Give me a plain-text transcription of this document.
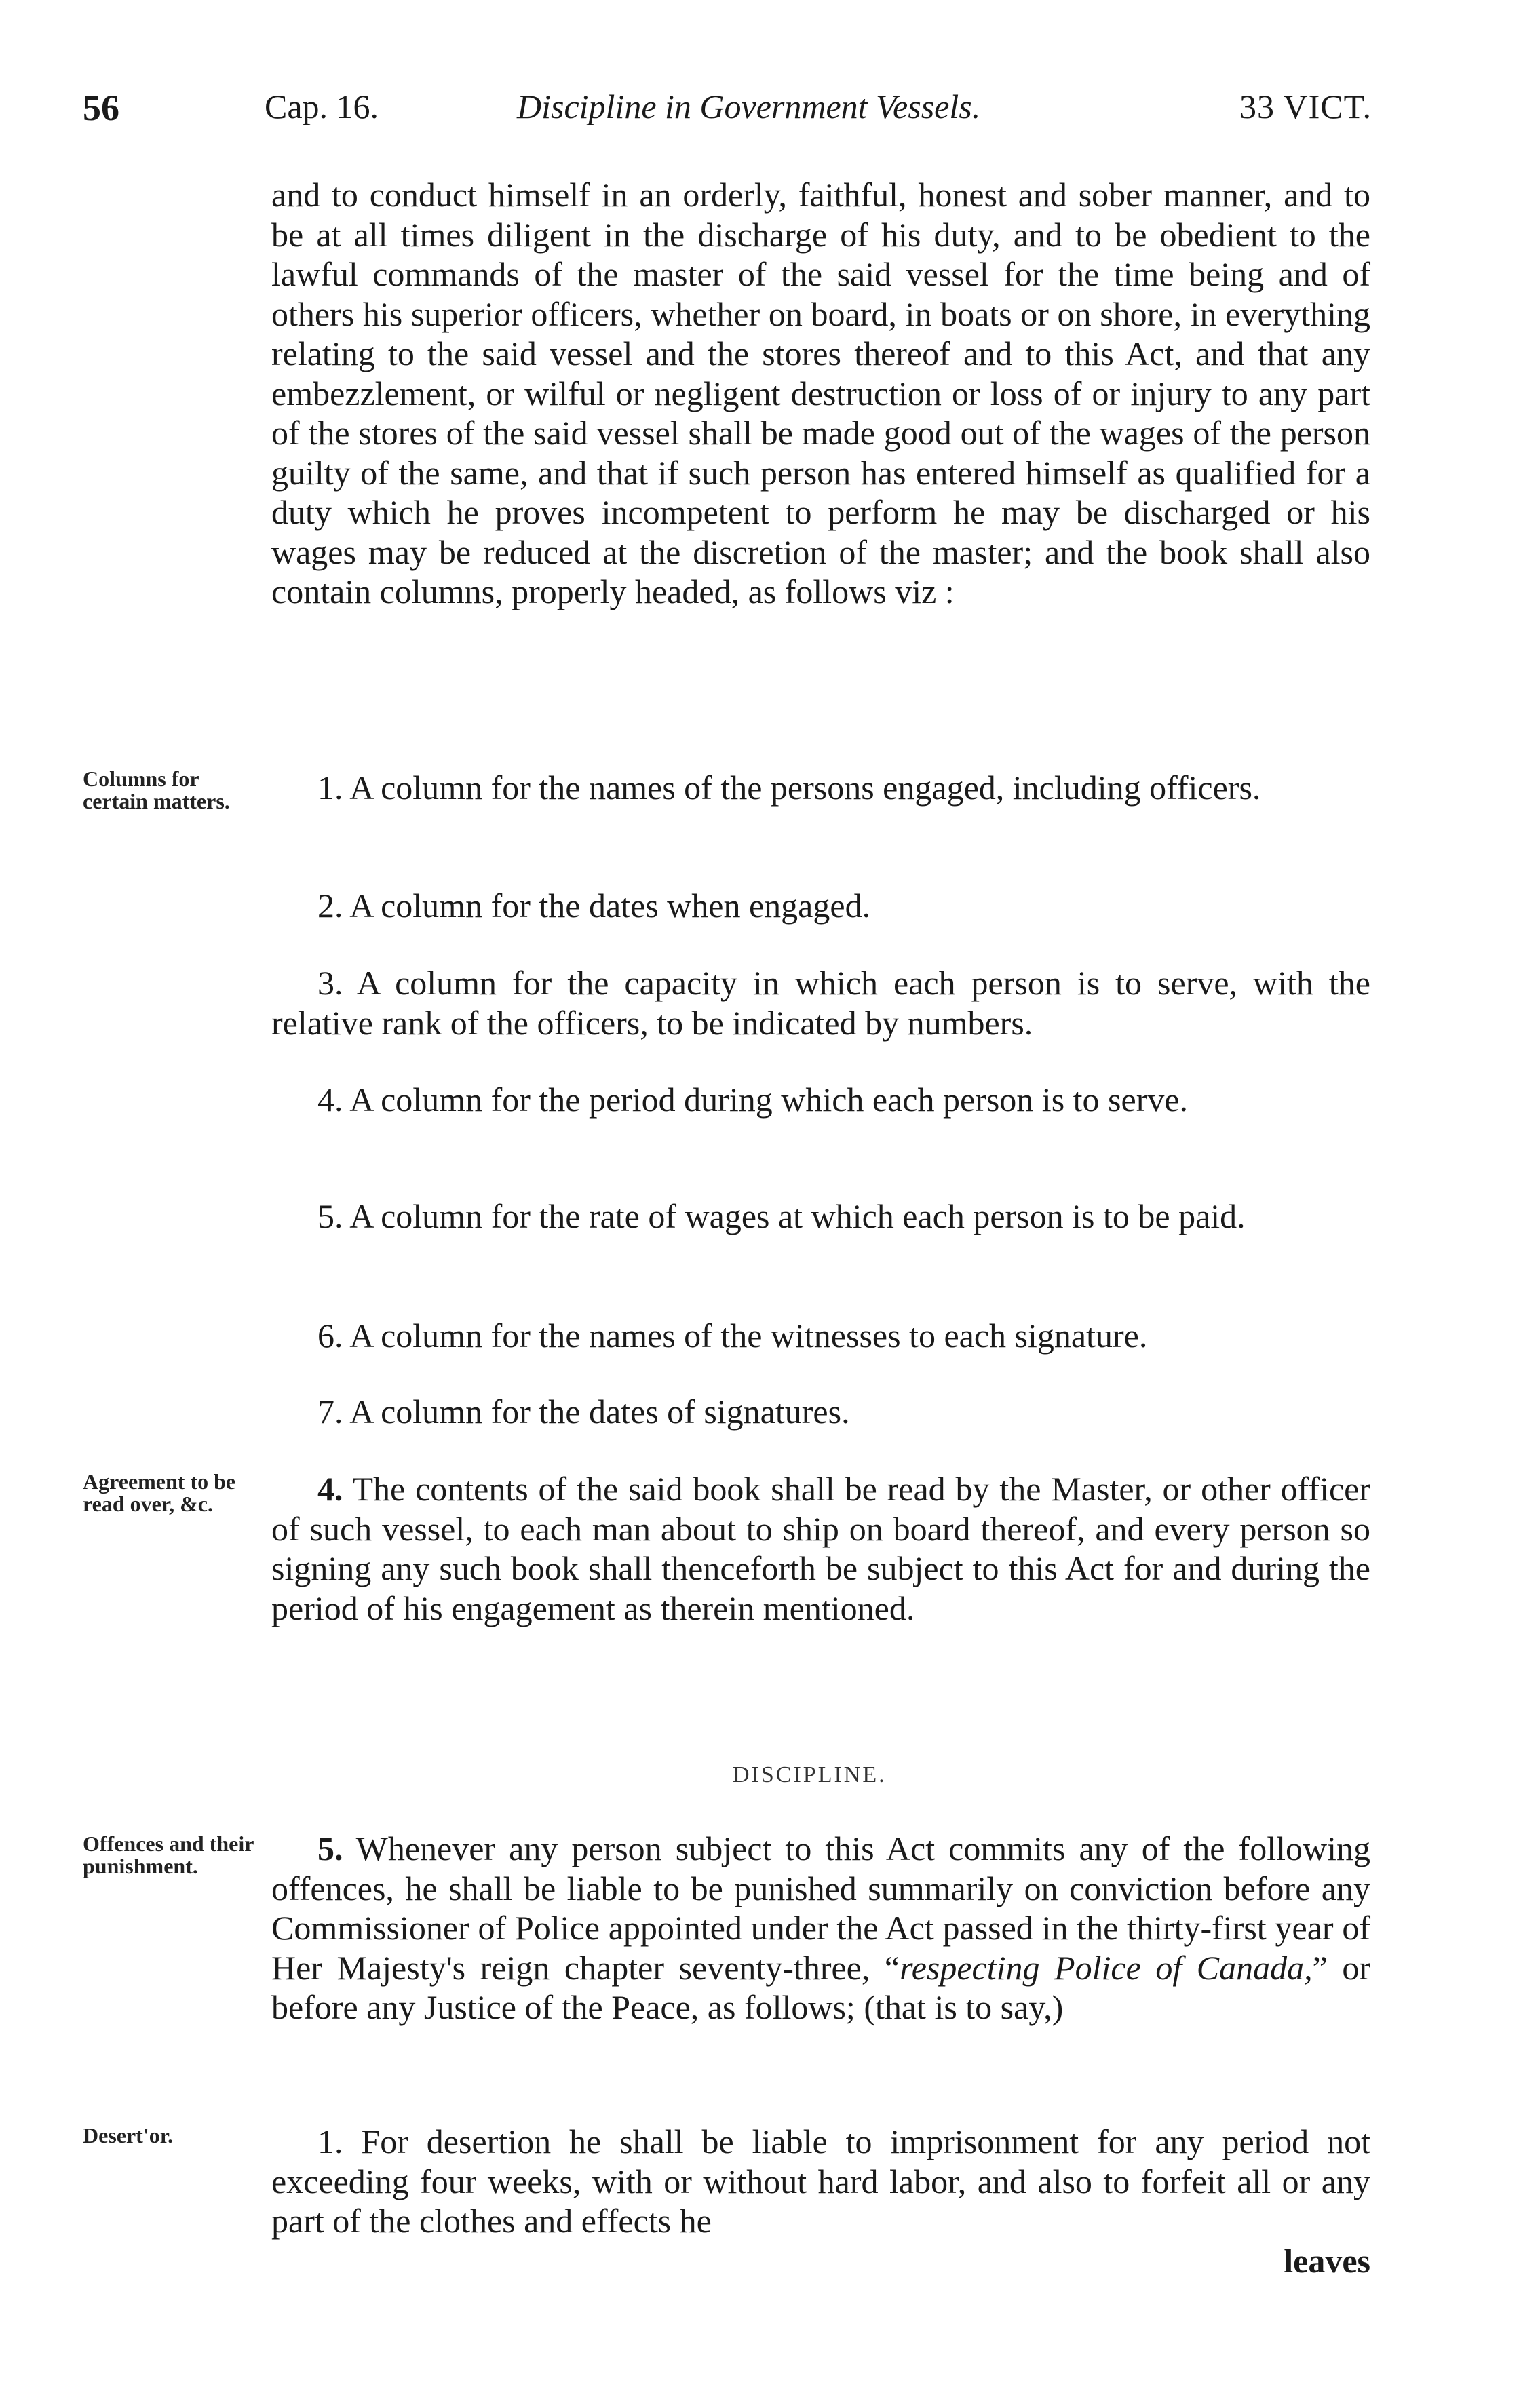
56	Cap. 16.	Discipline in Government Vessels.	33 VICT.

and to conduct himself in an orderly, faithful, honest and sober manner, and to be at all times diligent in the discharge of his duty, and to be obedient to the lawful commands of the master of the said vessel for the time being and of others his superior officers, whether on board, in boats or on shore, in everything relating to the said vessel and the stores thereof and to this Act, and that any embezzlement, or wilful or negligent destruction or loss of or injury to any part of the stores of the said vessel shall be made good out of the wages of the person guilty of the same, and that if such person has entered himself as qualified for a duty which he proves incompetent to perform he may be discharged or his wages may be reduced at the discretion of the master; and the book shall also contain columns, properly headed, as follows viz :

Columns for certain matters.	1. A column for the names of the persons engaged, including officers.

2. A column for the dates when engaged.

3. A column for the capacity in which each person is to serve, with the relative rank of the officers, to be indicated by numbers.

4. A column for the period during which each person is to serve.

5. A column for the rate of wages at which each person is to be paid.

6. A column for the names of the witnesses to each signature.

7. A column for the dates of signatures.

Agreement to be read over, &c.	4. The contents of the said book shall be read by the Master, or other officer of such vessel, to each man about to ship on board thereof, and every person so signing any such book shall thenceforth be subject to this Act for and during the period of his engagement as therein mentioned.

DISCIPLINE.
Offences and their punishment.	5. Whenever any person subject to this Act commits any of the following offences, he shall be liable to be punished summarily on conviction before any Commissioner of Police appointed under the Act passed in the thirty-first year of Her Majesty's reign chapter seventy-three, “respecting Police of Canada,” or before any Justice of the Peace, as follows; (that is to say,)

Desert'or.	1. For desertion he shall be liable to imprisonment for any period not exceeding four weeks, with or without hard labor, and also to forfeit all or any part of the clothes and effects he

leaves
